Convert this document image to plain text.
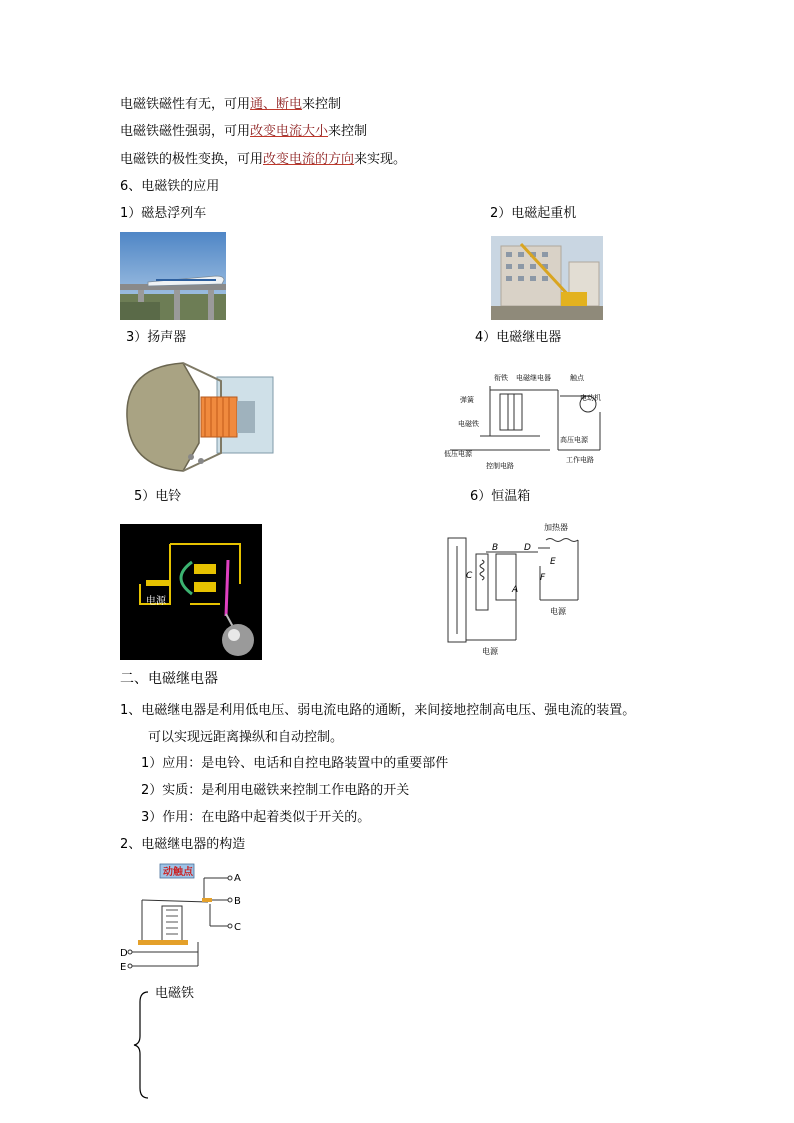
电磁铁磁性有无，可用通、断电来控制
电磁铁磁性强弱，可用改变电流大小来控制
电磁铁的极性变换，可用改变电流的方向来实现。
6、电磁铁的应用
1）磁悬浮列车	2）电磁起重机
3）扬声器	4）电磁继电器
5）电铃	6）恒温箱
衔铁 电磁继电器	触点
电动机
弹簧
电磁铁
高压电源
低压电源
工作电路
控制电路
电源
加热器
B	D
E
F
C
A
电源
电源
二、电磁继电器
1、电磁继电器是利用低电压、弱电流电路的通断，来间接地控制高电压、强电流的装置。
可以实现远距离操纵和自动控制。
1）应用：是电铃、电话和自控电路装置中的重要部件
2）实质：是利用电磁铁来控制工作电路的开关
3）作用：在电路中起着类似于开关的。
2、电磁继电器的构造
动触点
A
B
C
D
E
电磁铁
